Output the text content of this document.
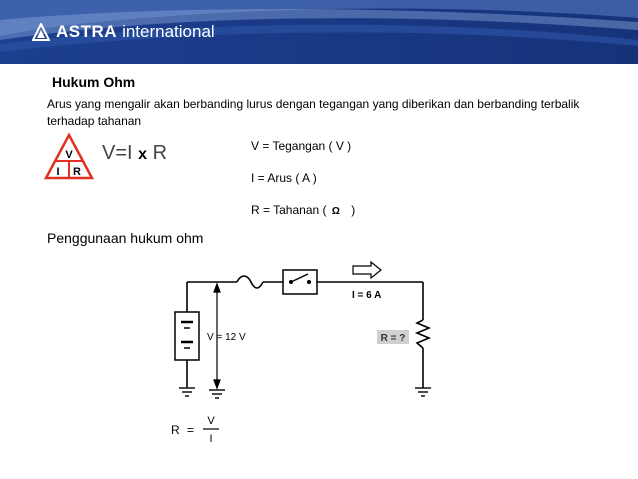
ASTRA international
Hukum Ohm
Arus yang mengalir akan berbanding lurus dengan tegangan yang diberikan dan berbanding terbalik terhadap tahanan
V
I R
V=I x R	V = Tegangan ( V )
I = Arus ( A )
R = Tahanan ( Ω )
Penggunaan hukum ohm
I = 6 A
V = 12 V	R = ?
R =
V
I
